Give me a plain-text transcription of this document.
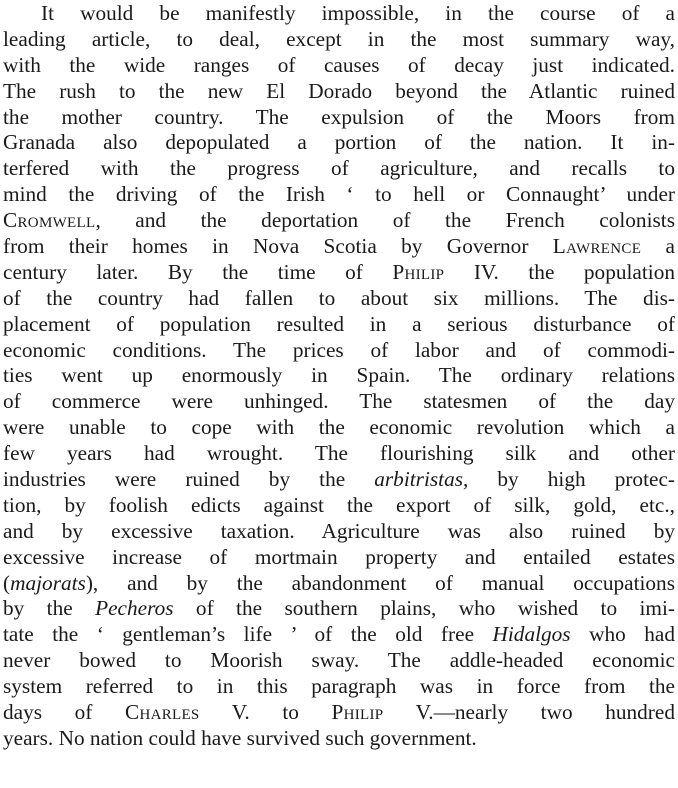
It would be manifestly impossible, in the course of a
leading article, to deal, except in the most summary way,
with the wide ranges of causes of decay just indicated.
The rush to the new El Dorado beyond the Atlantic ruined
the mother country. The expulsion of the Moors from
Granada also depopulated a portion of the nation. It in-
terfered with the progress of agriculture, and recalls to
mind the driving of the Irish ‘ to hell or Connaught’ under
Cromwell, and the deportation of the French colonists
from their homes in Nova Scotia by Governor Lawrence a
century later. By the time of Philip IV. the population
of the country had fallen to about six millions. The dis-
placement of population resulted in a serious disturbance of
economic conditions. The prices of labor and of commodi-
ties went up enormously in Spain. The ordinary relations
of commerce were unhinged. The statesmen of the day
were unable to cope with the economic revolution which a
few years had wrought. The flourishing silk and other
industries were ruined by the arbitristas, by high protec-
tion, by foolish edicts against the export of silk, gold, etc.,
and by excessive taxation. Agriculture was also ruined by
excessive increase of mortmain property and entailed estates
(majorats), and by the abandonment of manual occupations
by the Pecheros of the southern plains, who wished to imi-
tate the ‘ gentleman’s life ’ of the old free Hidalgos who had
never bowed to Moorish sway. The addle-headed economic
system referred to in this paragraph was in force from the
days of Charles V. to Philip V.—nearly two hundred
years. No nation could have survived such government.
